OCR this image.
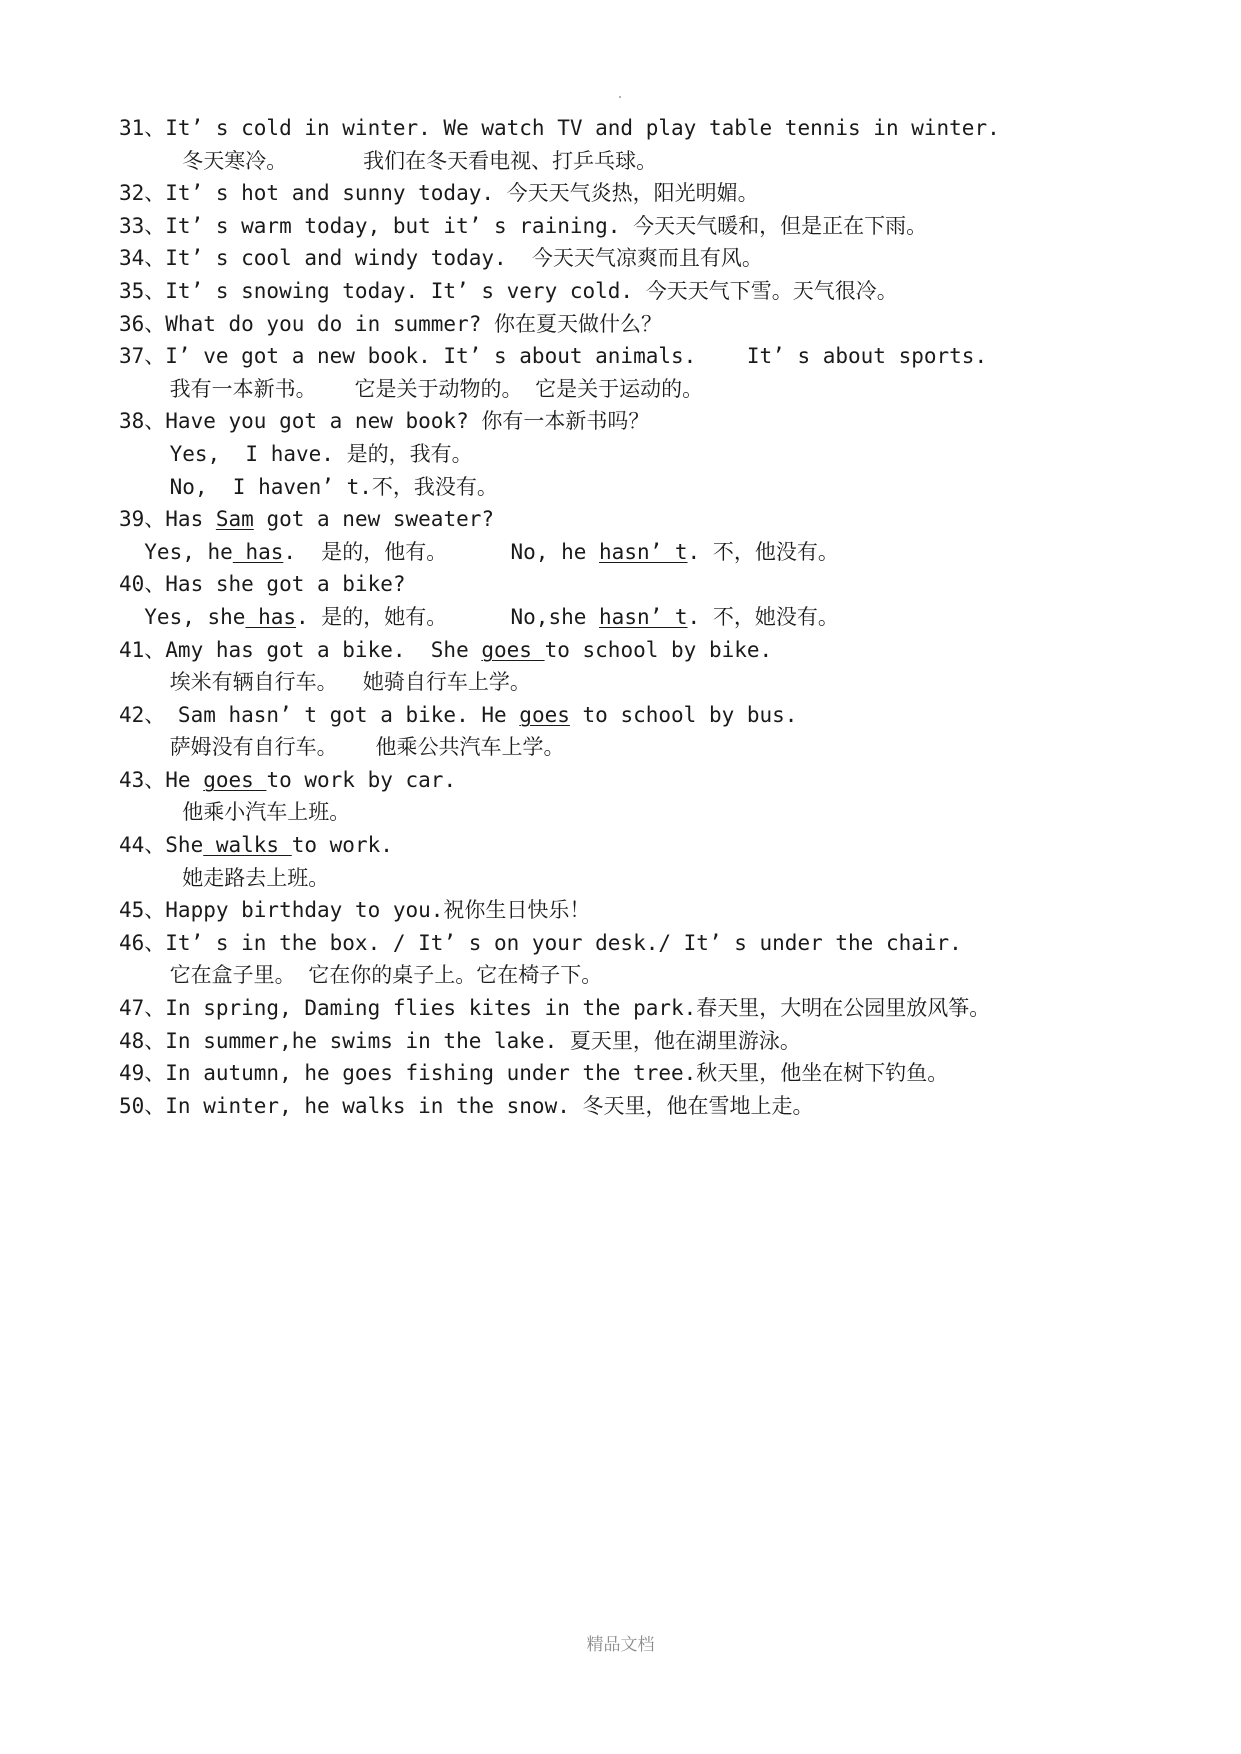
31、It’ s cold in winter. We watch TV and play table tennis in winter.
冬天寒冷。      我们在冬天看电视、打乒乓球。
32、It’ s hot and sunny today. 今天天气炎热，阳光明媚。
33、It’ s warm today, but it’ s raining. 今天天气暖和，但是正在下雨。
34、It’ s cool and windy today.  今天天气凉爽而且有风。
35、It’ s snowing today. It’ s very cold. 今天天气下雪。天气很冷。
36、What do you do in summer? 你在夏天做什么？
37、I’ ve got a new book. It’ s about animals.    It’ s about sports.
我有一本新书。   它是关于动物的。 它是关于运动的。
38、Have you got a new book? 你有一本新书吗？
Yes,  I have. 是的，我有。
No,  I haven’ t.不，我没有。
39、Has Sam got a new sweater?
Yes, he has.  是的，他有。     No, he hasn’ t. 不，他没有。
40、Has she got a bike?
Yes, she has. 是的，她有。     No,she hasn’ t. 不，她没有。
41、Amy has got a bike.  She goes to school by bike.
埃米有辆自行车。  她骑自行车上学。
42、 Sam hasn’ t got a bike. He goes to school by bus.
萨姆没有自行车。   他乘公共汽车上学。
43、He goes to work by car.
他乘小汽车上班。
44、She walks to work.
她走路去上班。
45、Happy birthday to you.祝你生日快乐！
46、It’ s in the box. / It’ s on your desk./ It’ s under the chair.
它在盒子里。 它在你的桌子上。它在椅子下。
47、In spring, Daming flies kites in the park.春天里，大明在公园里放风筝。
48、In summer,he swims in the lake. 夏天里，他在湖里游泳。
49、In autumn, he goes fishing under the tree.秋天里，他坐在树下钓鱼。
50、In winter, he walks in the snow. 冬天里，他在雪地上走。
精品文档
